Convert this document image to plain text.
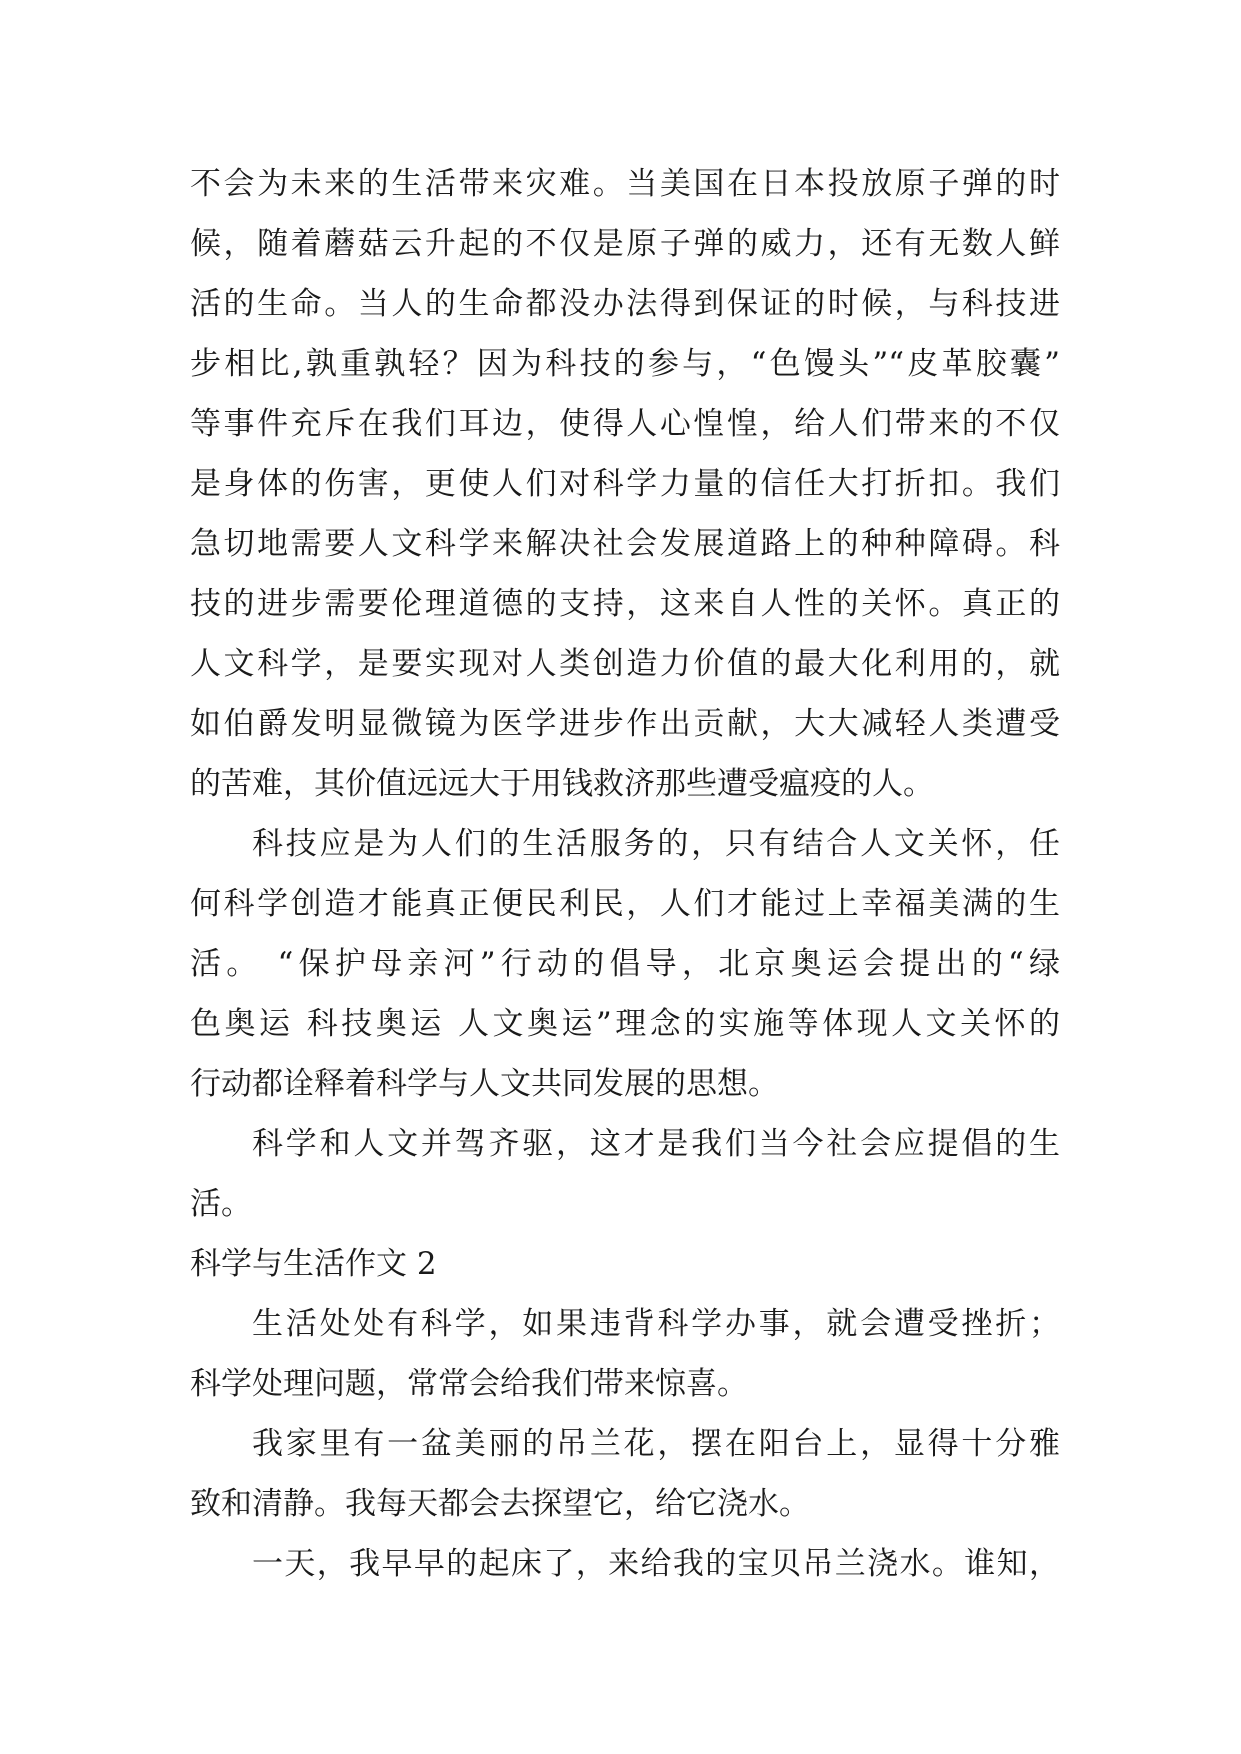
不会为未来的生活带来灾难。当美国在日本投放原子弹的时
候，随着蘑菇云升起的不仅是原子弹的威力，还有无数人鲜
活的生命。当人的生命都没办法得到保证的时候，与科技进
步相比,孰重孰轻？因为科技的参与，“色馒头”“皮革胶囊”
等事件充斥在我们耳边，使得人心惶惶，给人们带来的不仅
是身体的伤害，更使人们对科学力量的信任大打折扣。我们
急切地需要人文科学来解决社会发展道路上的种种障碍。科
技的进步需要伦理道德的支持，这来自人性的关怀。真正的
人文科学，是要实现对人类创造力价值的最大化利用的，就
如伯爵发明显微镜为医学进步作出贡献，大大减轻人类遭受
的苦难，其价值远远大于用钱救济那些遭受瘟疫的人。
科技应是为人们的生活服务的，只有结合人文关怀，任
何科学创造才能真正便民利民，人们才能过上幸福美满的生
活。 “保护母亲河”行动的倡导，北京奥运会提出的“绿
色奥运 科技奥运 人文奥运”理念的实施等体现人文关怀的
行动都诠释着科学与人文共同发展的思想。
科学和人文并驾齐驱，这才是我们当今社会应提倡的生
活。
科学与生活作文 2
生活处处有科学，如果违背科学办事，就会遭受挫折；
科学处理问题，常常会给我们带来惊喜。
我家里有一盆美丽的吊兰花，摆在阳台上，显得十分雅
致和清静。我每天都会去探望它，给它浇水。
一天，我早早的起床了，来给我的宝贝吊兰浇水。谁知，
